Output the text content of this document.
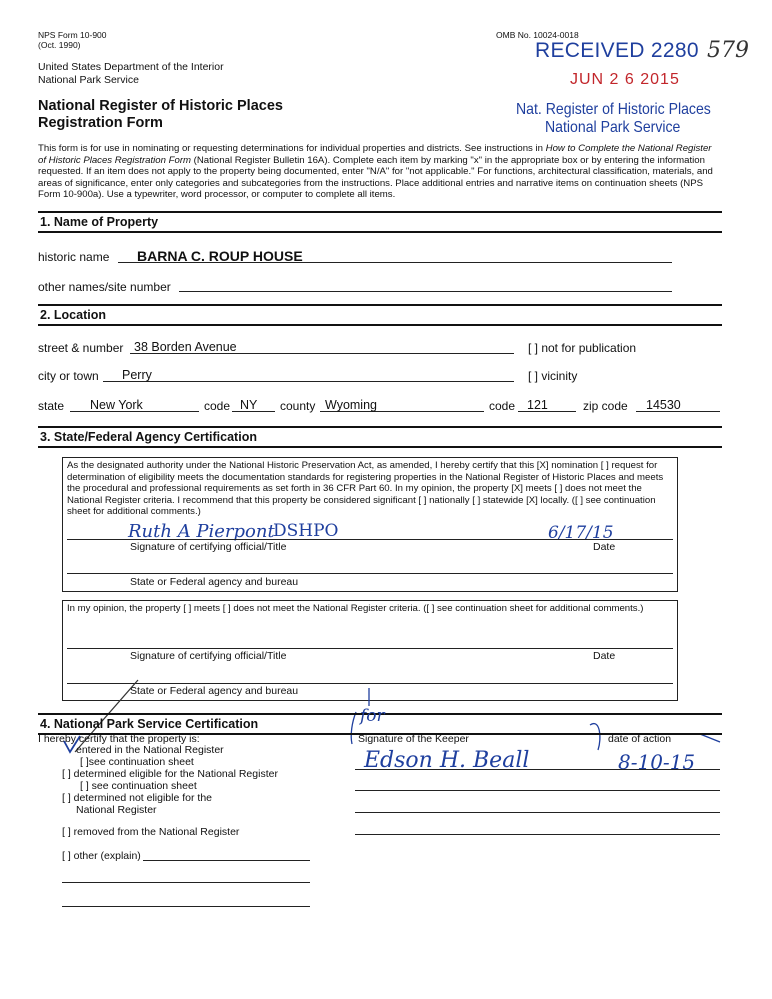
NPS Form 10-900
(Oct. 1990)
OMB No. 10024-0018
United States Department of the Interior
National Park Service
National Register of Historic Places
Registration Form
RECEIVED 2280 579
JUN 2 6 2015
Nat. Register of Historic Places
National Park Service
This form is for use in nominating or requesting determinations for individual properties and districts. See instructions in How to Complete the National Register of Historic Places Registration Form (National Register Bulletin 16A). Complete each item by marking "x" in the appropriate box or by entering the information requested. If an item does not apply to the property being documented, enter "N/A" for "not applicable." For functions, architectural classification, materials, and areas of significance, enter only categories and subcategories from the instructions. Place additional entries and narrative items on continuation sheets (NPS Form 10-900a). Use a typewriter, word processor, or computer to complete all items.
1. Name of Property
historic name BARNA C. ROUP HOUSE
other names/site number
2. Location
street & number 38 Borden Avenue	[ ] not for publication
city or town Perry	[ ] vicinity
state New York	code NY county Wyoming	code 121	zip code 14530
3. State/Federal Agency Certification
As the designated authority under the National Historic Preservation Act, as amended, I hereby certify that this [X] nomination [ ] request for determination of eligibility meets the documentation standards for registering properties in the National Register of Historic Places and meets the procedural and professional requirements as set forth in 36 CFR Part 60. In my opinion, the property [X] meets [ ] does not meet the National Register criteria. I recommend that this property be considered significant [ ] nationally [ ] statewide [X] locally. ([ ] see continuation sheet for additional comments.)
Ruth A Pierpont
DSHPO	6/17/15
Signature of certifying official/Title	Date
State or Federal agency and bureau
In my opinion, the property [ ] meets [ ] does not meet the National Register criteria. ([ ] see continuation sheet for additional comments.)
Signature of certifying official/Title	Date
State or Federal agency and bureau
4. National Park Service Certification
I hereby certify that the property is:
entered in the National Register
[ ]see continuation sheet
[ ] determined eligible for the National Register
[ ] see continuation sheet
[ ] determined not eligible for the
National Register
[ ] removed from the National Register
[ ] other (explain)
Signature of the Keeper	date of action
for
Edson H. Beall	8-10-15
